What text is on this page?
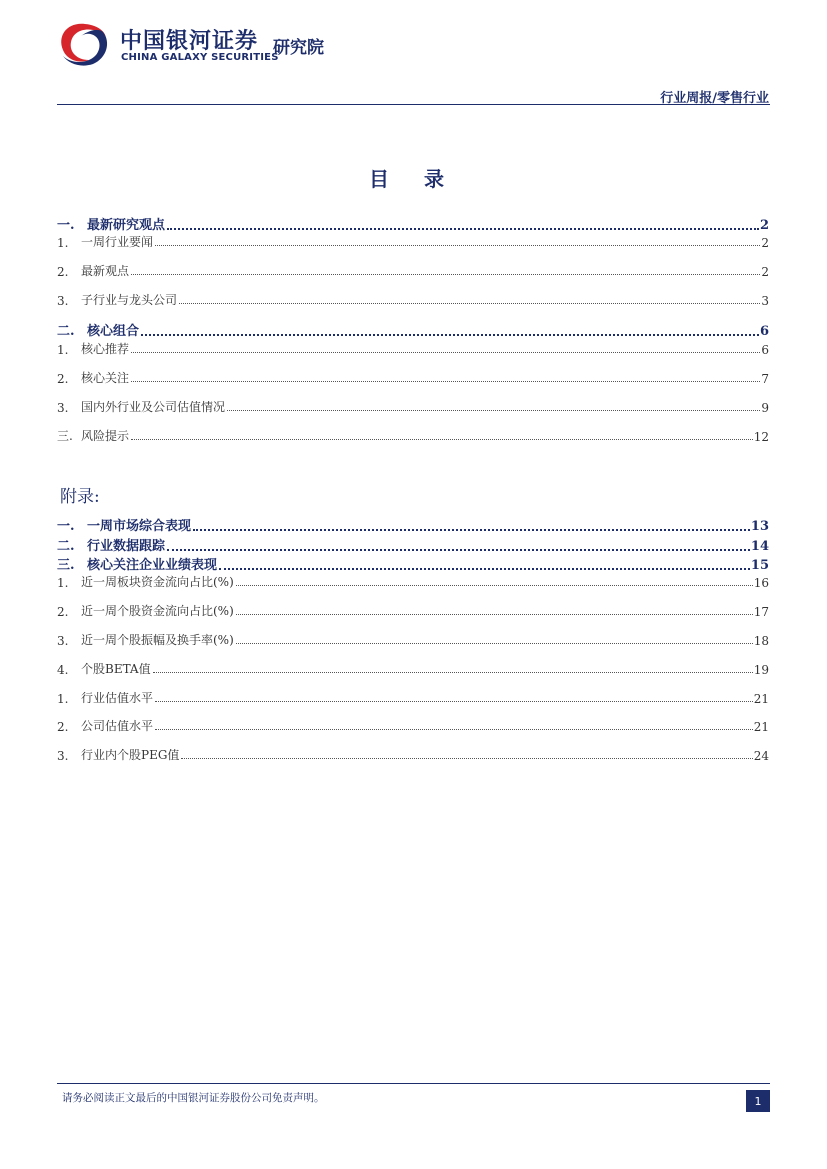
中国银河证券
CHINA GALAXY SECURITIES
研究院
行业周报/零售行业
目 录
一. 最新研究观点	2
1.	一周行业要闻	2
2.	最新观点	2
3.	子行业与龙头公司	3
二. 核心组合	6
1.	核心推荐	6
2.	核心关注	7
3.	国内外行业及公司估值情况	9
三. 风险提示	12
附录:
一. 一周市场综合表现	13
二. 行业数据跟踪	14
三. 核心关注企业业绩表现	15
1.	近一周板块资金流向占比(%)	16
2.	近一周个股资金流向占比(%)	17
3.	近一周个股振幅及换手率(%)	18
4.	个股BETA值	19
1.	行业估值水平	21
2.	公司估值水平	21
3.	行业内个股PEG值	24
请务必阅读正文最后的中国银河证券股份公司免责声明。	1
